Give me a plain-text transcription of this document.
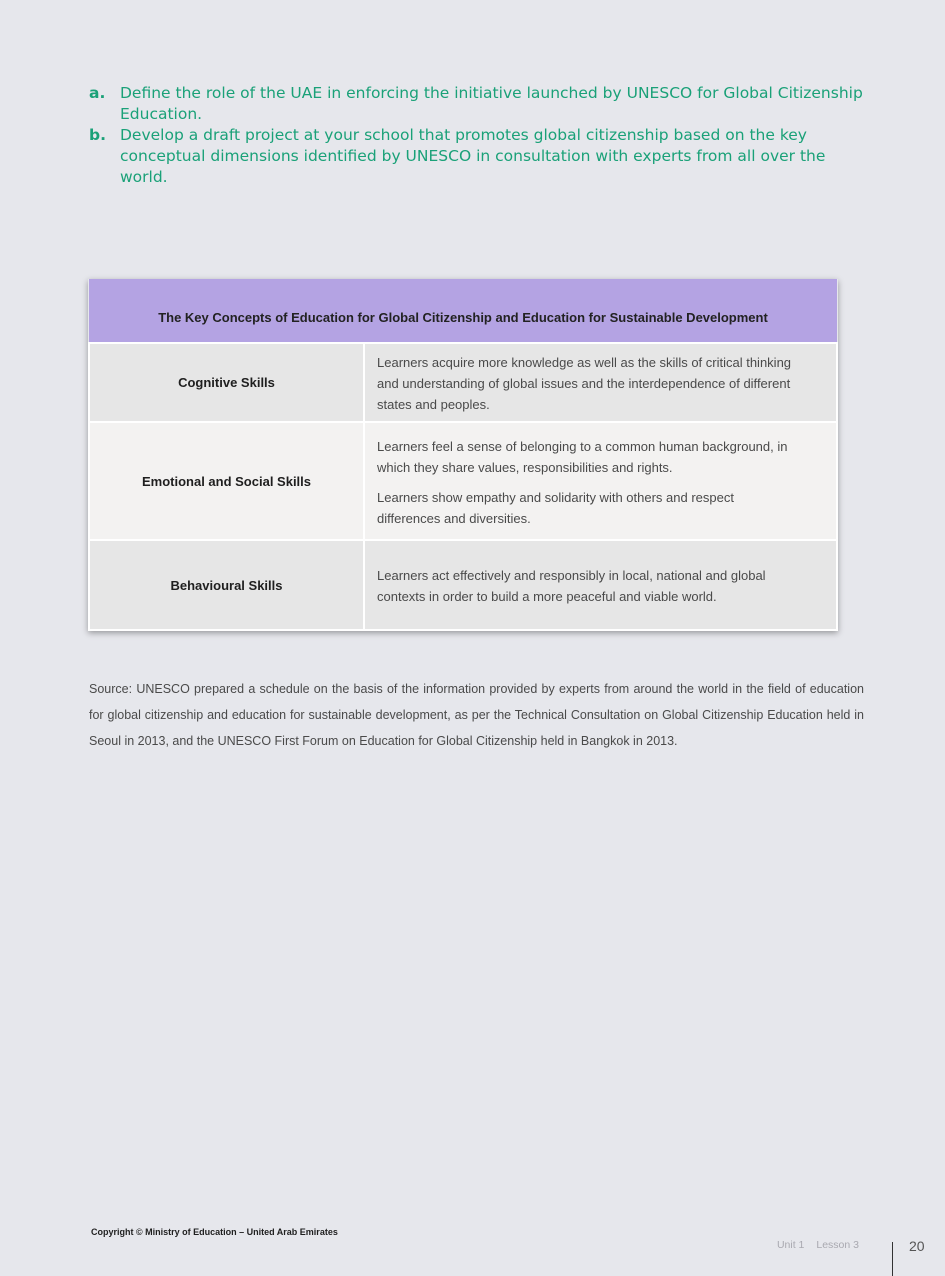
a. Define the role of the UAE in enforcing the initiative launched by UNESCO for Global Citizenship Education.
b. Develop a draft project at your school that promotes global citizenship based on the key conceptual dimensions identified by UNESCO in consultation with experts from all over the world.
The Key Concepts of Education for Global Citizenship and Education for Sustainable Development	
Cognitive Skills	Learners acquire more knowledge as well as the skills of critical thinking and understanding of global issues and the interdependence of different states and peoples.

Emotional and Social Skills	Learners feel a sense of belonging to a common human background, in which they share values, responsibilities and rights.

Learners show empathy and solidarity with others and respect differences and diversities.

Behavioural Skills	Learners act effectively and responsibly in local, national and global contexts in order to build a more peaceful and viable world.

Source: UNESCO prepared a schedule on the basis of the information provided by experts from around the world in the field of education for global citizenship and education for sustainable development, as per the Technical Consultation on Global Citizenship Education held in Seoul in 2013, and the UNESCO First Forum on Education for Global Citizenship held in Bangkok in 2013.

Copyright © Ministry of Education – United Arab Emirates
Unit 1 Lesson 3	20
